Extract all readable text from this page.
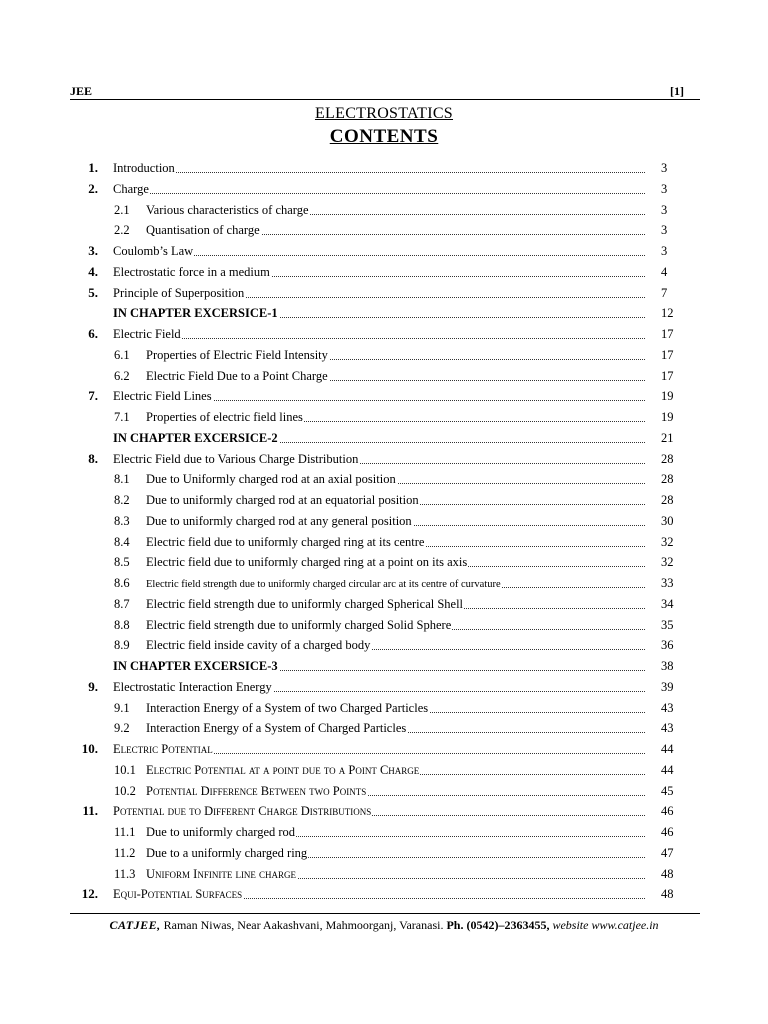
JEE	[1]
ELECTROSTATICS
CONTENTS
1. Introduction	3
2. Charge	3
2.1	Various characteristics of charge	3
2.2	Quantisation of charge	3
3. Coulomb’s Law	3
4. Electrostatic force in a medium	4
5. Principle of Superposition	7
IN CHAPTER EXCERSICE-1	12
6. Electric Field	17
6.1	Properties of Electric Field Intensity	17
6.2	Electric Field Due to a Point Charge	17
7. Electric Field Lines	19
7.1	Properties of electric field lines	19
IN CHAPTER EXCERSICE-2	21
8. Electric Field due to Various Charge Distribution	28
8.1	Due to Uniformly charged rod at an axial position	28
8.2	Due to uniformly charged rod at an equatorial position	28
8.3	Due to uniformly charged rod at any general position	30
8.4	Electric field due to uniformly charged ring at its centre	32
8.5	Electric field due to uniformly charged ring at a point on its axis	32
8.6	Electric field strength due to uniformly charged circular arc at its centre of curvature	33
8.7	Electric field strength due to uniformly charged Spherical Shell	34
8.8	Electric field strength due to uniformly charged Solid Sphere	35
8.9	Electric field inside cavity of a charged body	36
IN CHAPTER EXCERSICE-3	38
9. Electrostatic Interaction Energy	39
9.1	Interaction Energy of a System of two Charged Particles	43
9.2	Interaction Energy of a System of Charged Particles	43
10. Electric Potential	44
10.1 Electric Potential at a point due to a Point Charge	44
10.2 Potential Difference Between two Points	45
11. Potential due to Different Charge Distributions	46
11.1 Due to uniformly charged rod	46
11.2 Due to a uniformly charged ring	47
11.3 Uniform Infinite line charge	48
12. Equi-Potential Surfaces	48
CATJEE, Raman Niwas, Near Aakashvani, Mahmoorganj, Varanasi. Ph. (0542)–2363455, website www.catjee.in
